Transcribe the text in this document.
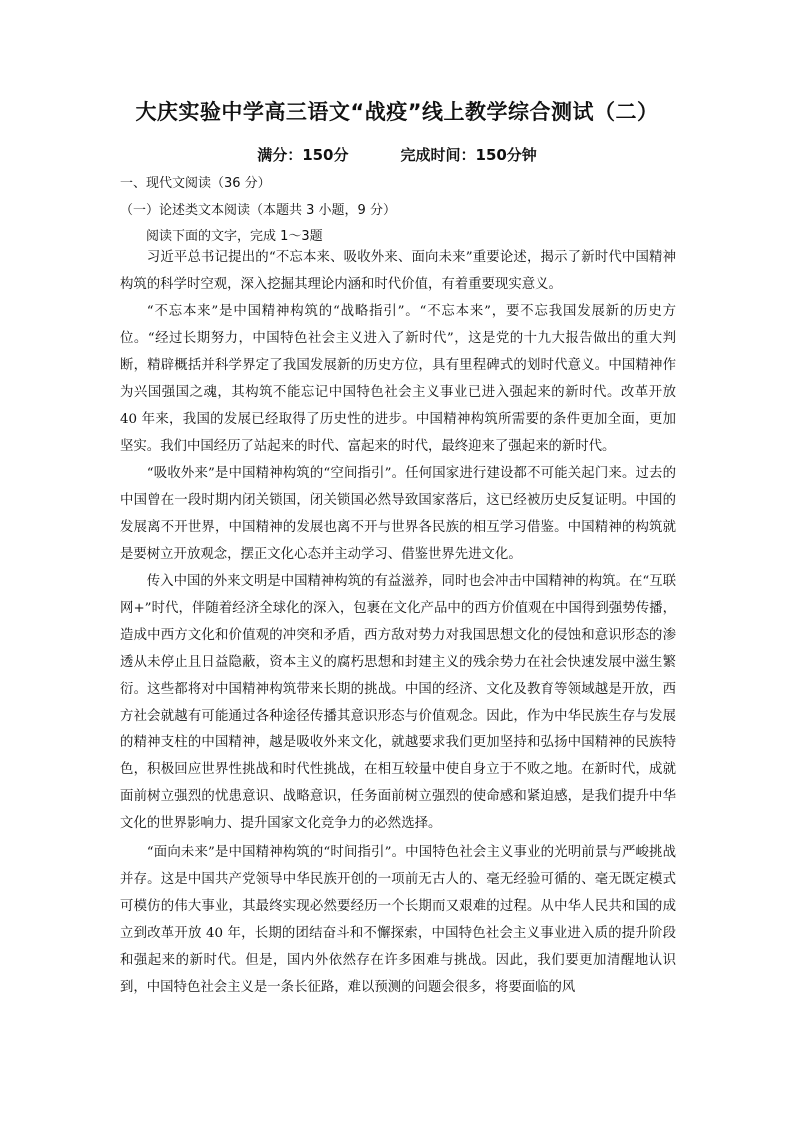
大庆实验中学高三语文“战疫”线上教学综合测试（二）
满分：150分	完成时间：150分钟
一、现代文阅读（36 分）
（一）论述类文本阅读（本题共 3 小题，9 分）
阅读下面的文字，完成 1～3题

习近平总书记提出的“不忘本来、吸收外来、面向未来”重要论述，揭示了新时代中国精神构筑的科学时空观，深入挖掘其理论内涵和时代价值，有着重要现实意义。

“不忘本来”是中国精神构筑的“战略指引”。“不忘本来”，要不忘我国发展新的历史方位。“经过长期努力，中国特色社会主义进入了新时代”，这是党的十九大报告做出的重大判断，精辟概括并科学界定了我国发展新的历史方位，具有里程碑式的划时代意义。中国精神作为兴国强国之魂，其构筑不能忘记中国特色社会主义事业已进入强起来的新时代。改革开放 40 年来，我国的发展已经取得了历史性的进步。中国精神构筑所需要的条件更加全面，更加坚实。我们中国经历了站起来的时代、富起来的时代，最终迎来了强起来的新时代。

“吸收外来”是中国精神构筑的“空间指引”。任何国家进行建设都不可能关起门来。过去的中国曾在一段时期内闭关锁国，闭关锁国必然导致国家落后，这已经被历史反复证明。中国的发展离不开世界，中国精神的发展也离不开与世界各民族的相互学习借鉴。中国精神的构筑就是要树立开放观念，摆正文化心态并主动学习、借鉴世界先进文化。

传入中国的外来文明是中国精神构筑的有益滋养，同时也会冲击中国精神的构筑。在“互联网+”时代，伴随着经济全球化的深入，包裹在文化产品中的西方价值观在中国得到强势传播，造成中西方文化和价值观的冲突和矛盾，西方敌对势力对我国思想文化的侵蚀和意识形态的渗透从未停止且日益隐蔽，资本主义的腐朽思想和封建主义的残余势力在社会快速发展中滋生繁衍。这些都将对中国精神构筑带来长期的挑战。中国的经济、文化及教育等领域越是开放，西方社会就越有可能通过各种途径传播其意识形态与价值观念。因此，作为中华民族生存与发展的精神支柱的中国精神，越是吸收外来文化，就越要求我们更加坚持和弘扬中国精神的民族特色，积极回应世界性挑战和时代性挑战，在相互较量中使自身立于不败之地。在新时代，成就面前树立强烈的忧患意识、战略意识，任务面前树立强烈的使命感和紧迫感，是我们提升中华文化的世界影响力、提升国家文化竞争力的必然选择。

“面向未来”是中国精神构筑的“时间指引”。中国特色社会主义事业的光明前景与严峻挑战并存。这是中国共产党领导中华民族开创的一项前无古人的、毫无经验可循的、毫无既定模式可模仿的伟大事业，其最终实现必然要经历一个长期而又艰难的过程。从中华人民共和国的成立到改革开放 40 年，长期的团结奋斗和不懈探索，中国特色社会主义事业进入质的提升阶段和强起来的新时代。但是，国内外依然存在许多困难与挑战。因此，我们要更加清醒地认识到，中国特色社会主义是一条长征路，难以预测的问题会很多，将要面临的风
